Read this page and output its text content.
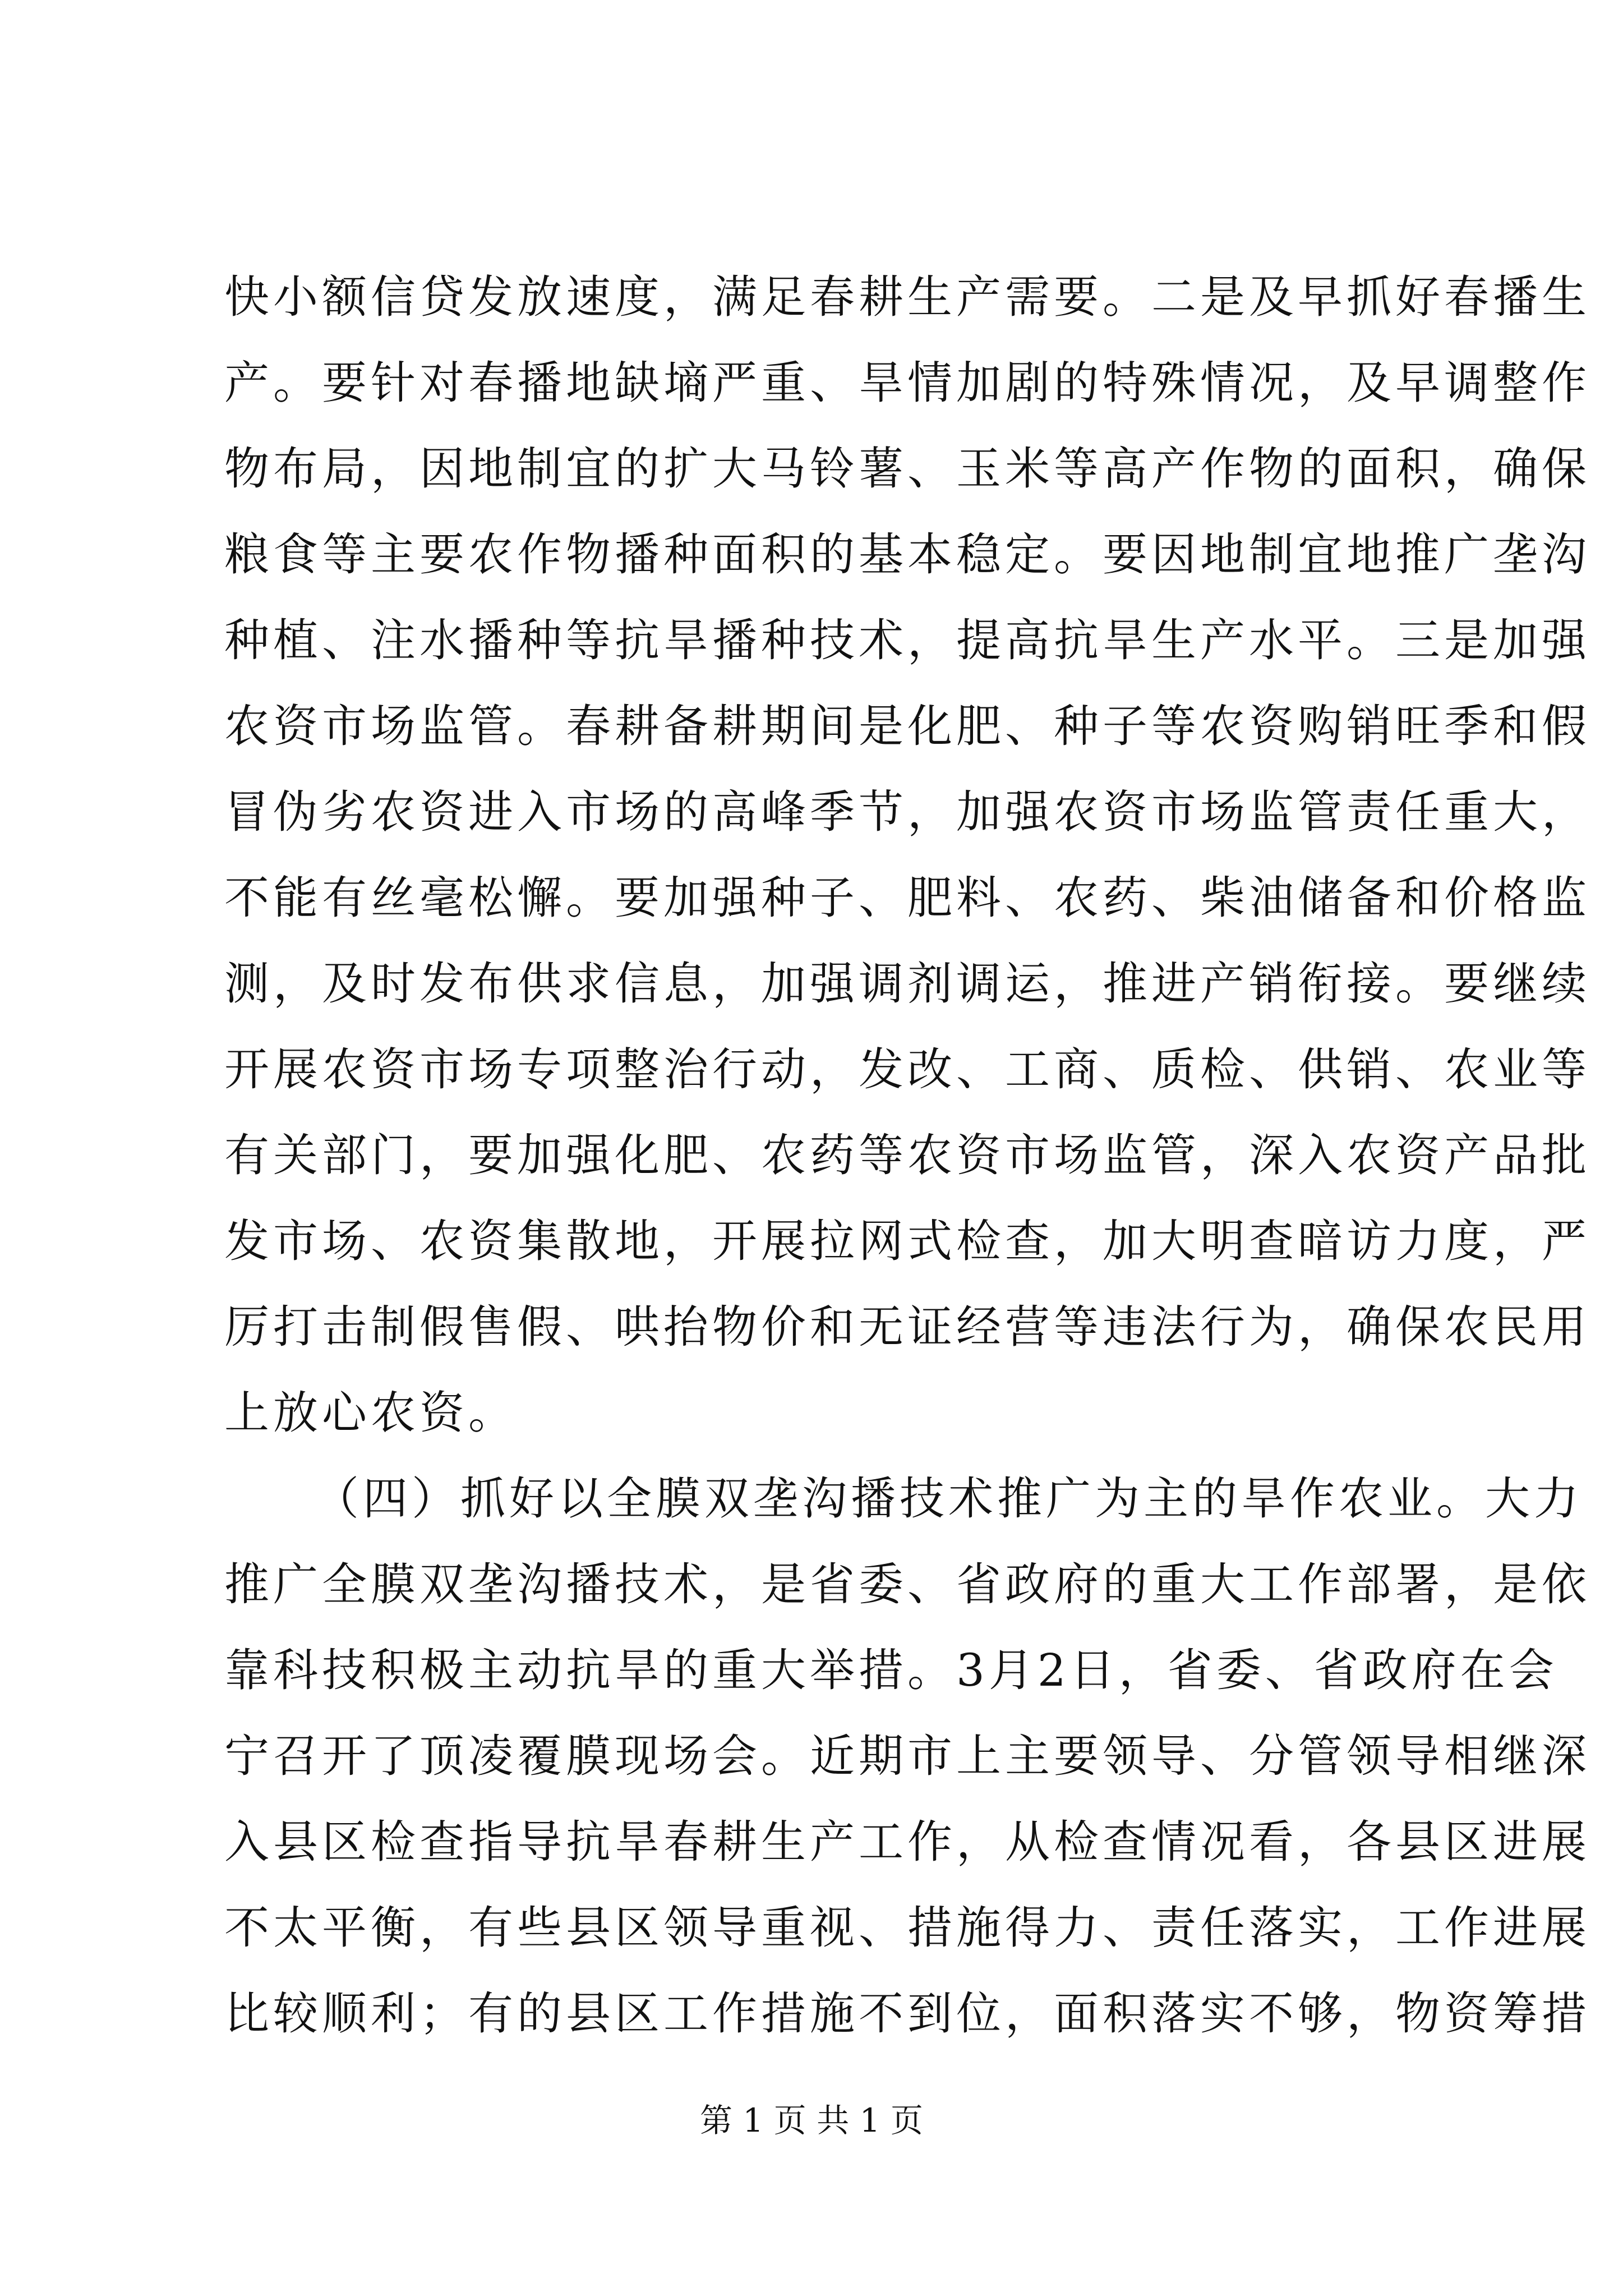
快小额信贷发放速度，满足春耕生产需要。二是及早抓好春播生
产。要针对春播地缺墒严重、旱情加剧的特殊情况，及早调整作
物布局，因地制宜的扩大马铃薯、玉米等高产作物的面积，确保
粮食等主要农作物播种面积的基本稳定。要因地制宜地推广垄沟
种植、注水播种等抗旱播种技术，提高抗旱生产水平。三是加强
农资市场监管。春耕备耕期间是化肥、种子等农资购销旺季和假
冒伪劣农资进入市场的高峰季节，加强农资市场监管责任重大，
不能有丝毫松懈。要加强种子、肥料、农药、柴油储备和价格监
测，及时发布供求信息，加强调剂调运，推进产销衔接。要继续
开展农资市场专项整治行动，发改、工商、质检、供销、农业等
有关部门，要加强化肥、农药等农资市场监管，深入农资产品批
发市场、农资集散地，开展拉网式检查，加大明查暗访力度，严
厉打击制假售假、哄抬物价和无证经营等违法行为，确保农民用
上放心农资。
（四）抓好以全膜双垄沟播技术推广为主的旱作农业。大力
推广全膜双垄沟播技术，是省委、省政府的重大工作部署，是依
靠科技积极主动抗旱的重大举措。3月2日，省委、省政府在会
宁召开了顶凌覆膜现场会。近期市上主要领导、分管领导相继深
入县区检查指导抗旱春耕生产工作，从检查情况看，各县区进展
不太平衡，有些县区领导重视、措施得力、责任落实，工作进展
比较顺利；有的县区工作措施不到位，面积落实不够，物资筹措
第 1 页 共 1 页
